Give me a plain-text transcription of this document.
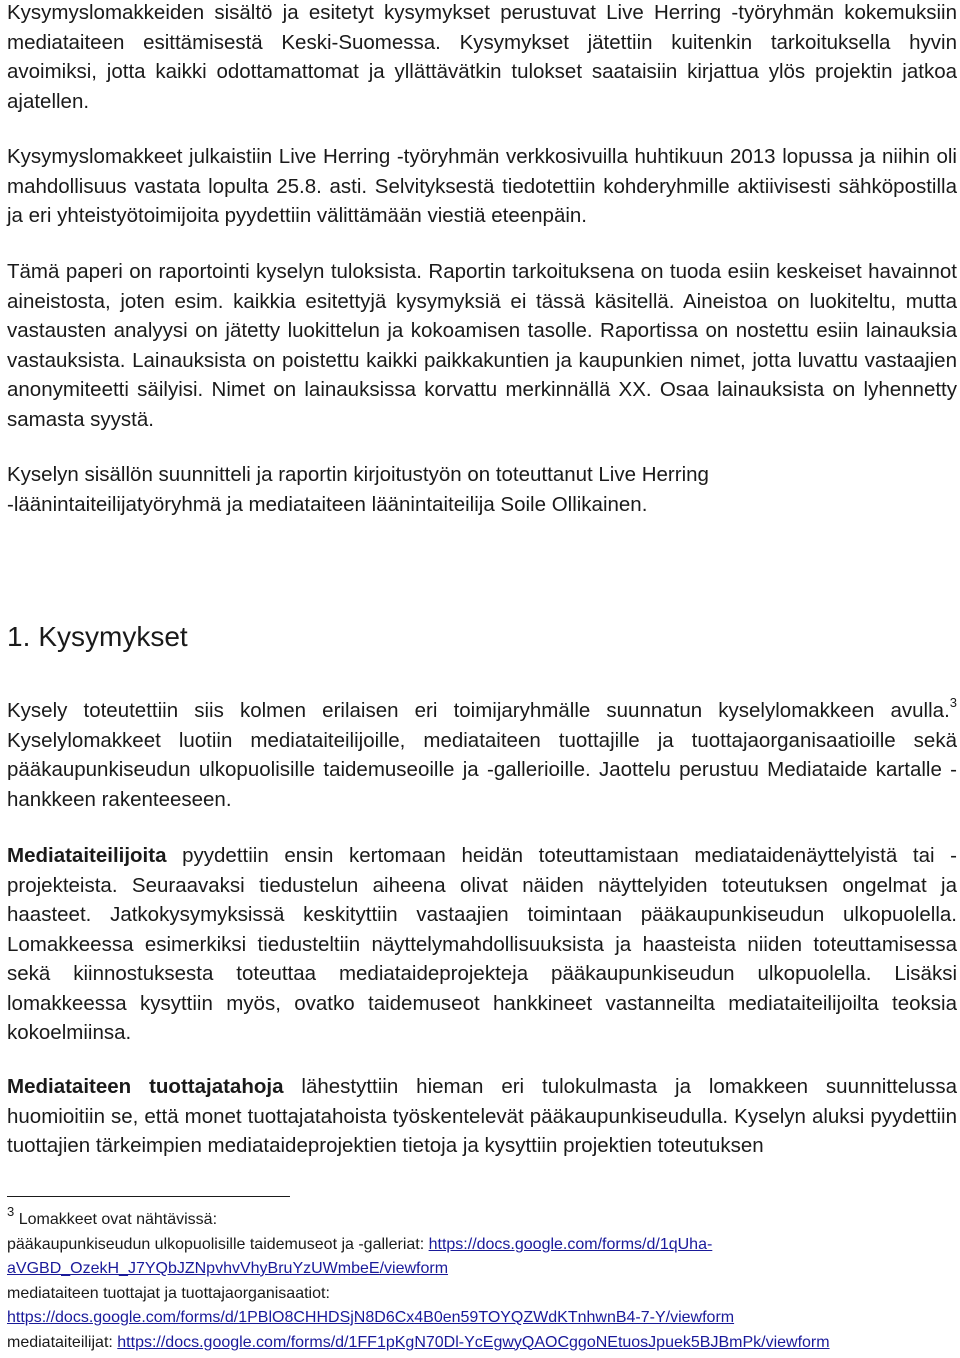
Kysymyslomakkeiden sisältö ja esitetyt kysymykset perustuvat Live Herring -työryhmän kokemuksiin mediataiteen esittämisestä Keski-Suomessa. Kysymykset jätettiin kuitenkin tarkoituksella hyvin avoimiksi, jotta kaikki odottamattomat ja yllättävätkin tulokset saataisiin kirjattua ylös projektin jatkoa ajatellen.

Kysymyslomakkeet julkaistiin Live Herring -työryhmän verkkosivuilla huhtikuun 2013 lopussa ja niihin oli mahdollisuus vastata lopulta 25.8. asti. Selvityksestä tiedotettiin kohderyhmille aktiivisesti sähköpostilla ja eri yhteistyötoimijoita pyydettiin välittämään viestiä eteenpäin.

Tämä paperi on raportointi kyselyn tuloksista. Raportin tarkoituksena on tuoda esiin keskeiset havainnot aineistosta, joten esim. kaikkia esitettyjä kysymyksiä ei tässä käsitellä. Aineistoa on luokiteltu, mutta vastausten analyysi on jätetty luokittelun ja kokoamisen tasolle. Raportissa on nostettu esiin lainauksia vastauksista. Lainauksista on poistettu kaikki paikkakuntien ja kaupunkien nimet, jotta luvattu vastaajien anonymiteetti säilyisi. Nimet on lainauksissa korvattu merkinnällä XX. Osaa lainauksista on lyhennetty samasta syystä.

Kyselyn sisällön suunnitteli ja raportin kirjoitustyön on toteuttanut Live Herring
-läänintaiteilijatyöryhmä ja mediataiteen läänintaiteilija Soile Ollikainen.

1. Kysymykset

Kysely toteutettiin siis kolmen erilaisen eri toimijaryhmälle suunnatun kyselylomakkeen avulla.$^3$ Kyselylomakkeet luotiin mediataiteilijoille, mediataiteen tuottajille ja tuottajaorganisaatioille sekä pääkaupunkiseudun ulkopuolisille taidemuseoille ja -gallerioille. Jaottelu perustuu Mediataide kartalle -hankkeen rakenteeseen.

Mediataiteilijoita pyydettiin ensin kertomaan heidän toteuttamistaan mediataidenäyttelyistä tai -projekteista. Seuraavaksi tiedustelun aiheena olivat näiden näyttelyiden toteutuksen ongelmat ja haasteet. Jatkokysymyksissä keskityttiin vastaajien toimintaan pääkaupunkiseudun ulkopuolella. Lomakkeessa esimerkiksi tiedusteltiin näyttelymahdollisuuksista ja haasteista niiden toteuttamisessa sekä kiinnostuksesta toteuttaa mediataideprojekteja pääkaupunkiseudun ulkopuolella. Lisäksi lomakkeessa kysyttiin myös, ovatko taidemuseot hankkineet vastanneilta mediataiteilijoilta teoksia kokoelmiinsa.

Mediataiteen tuottajatahoja lähestyttiin hieman eri tulokulmasta ja lomakkeen suunnittelussa huomioitiin se, että monet tuottajatahoista työskentelevät pääkaupunkiseudulla. Kyselyn aluksi pyydettiin tuottajien tärkeimpien mediataideprojektien tietoja ja kysyttiin projektien toteutuksen

$^3$ Lomakkeet ovat nähtävissä:
pääkaupunkiseudun ulkopuolisille taidemuseot ja -galleriat: https://docs.google.com/forms/d/1qUha-
aVGBD_OzekH_J7YQbJZNpvhvVhyBruYzUWmbeE/viewform
mediataiteen tuottajat ja tuottajaorganisaatiot:
https://docs.google.com/forms/d/1PBlO8CHHDSjN8D6Cx4B0en59TOYQZWdKTnhwnB4-7-Y/viewform
mediataiteilijat: https://docs.google.com/forms/d/1FF1pKgN70Dl-YcEgwyQAOCggoNEtuosJpuek5BJBmPk/viewform
